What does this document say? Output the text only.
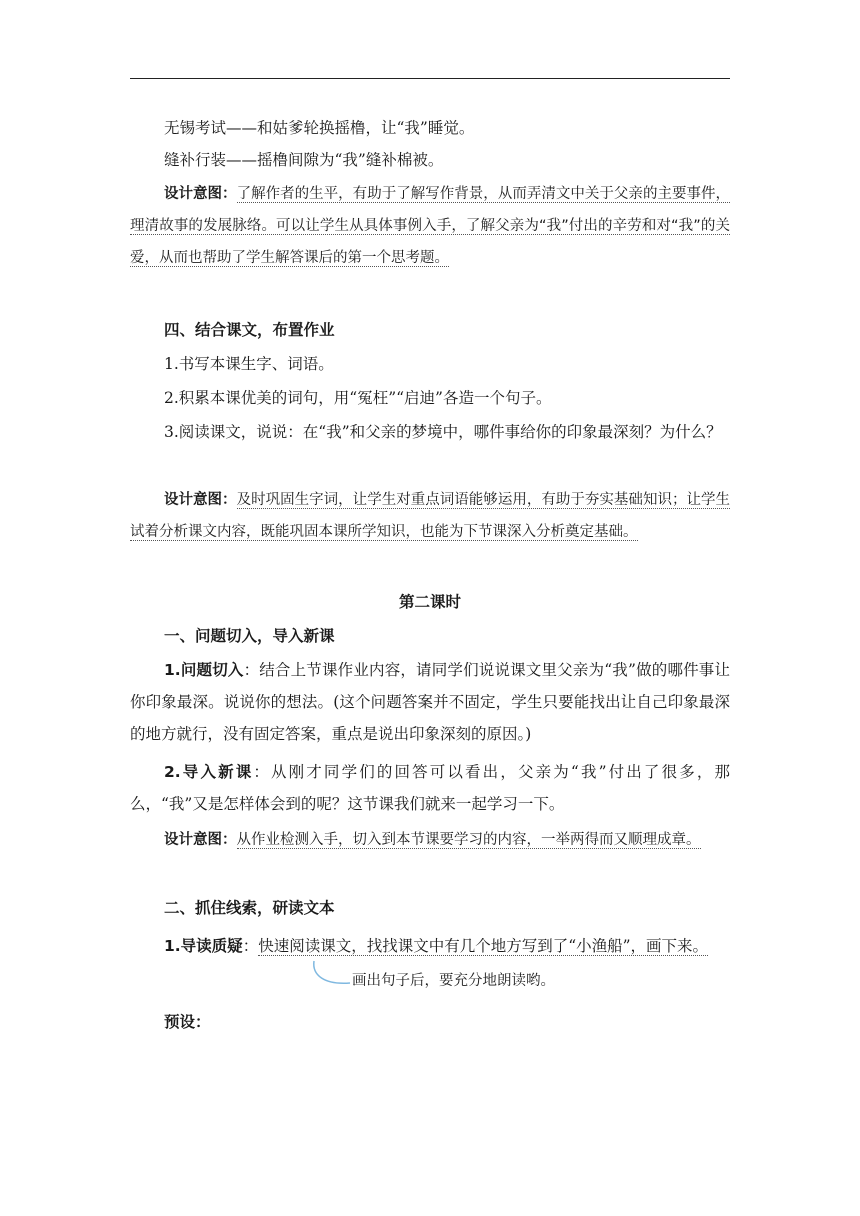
无锡考试——和姑爹轮换摇橹，让“我”睡觉。
缝补行装——摇橹间隙为“我”缝补棉被。
设计意图：了解作者的生平，有助于了解写作背景，从而弄清文中关于父亲的主要事件，理清故事的发展脉络。可以让学生从具体事例入手，了解父亲为“我”付出的辛劳和对“我”的关爱，从而也帮助了学生解答课后的第一个思考题。
四、结合课文，布置作业
1.书写本课生字、词语。
2.积累本课优美的词句，用“冤枉”“启迪”各造一个句子。
3.阅读课文，说说：在“我”和父亲的梦境中，哪件事给你的印象最深刻？为什么？
设计意图：及时巩固生字词，让学生对重点词语能够运用，有助于夯实基础知识；让学生试着分析课文内容，既能巩固本课所学知识，也能为下节课深入分析奠定基础。
第二课时
一、问题切入，导入新课
1.问题切入：结合上节课作业内容，请同学们说说课文里父亲为“我”做的哪件事让你印象最深。说说你的想法。(这个问题答案并不固定，学生只要能找出让自己印象最深的地方就行，没有固定答案，重点是说出印象深刻的原因。)
2.导入新课：从刚才同学们的回答可以看出，父亲为“我”付出了很多，那么，“我”又是怎样体会到的呢？这节课我们就来一起学习一下。
设计意图：从作业检测入手，切入到本节课要学习的内容，一举两得而又顺理成章。
二、抓住线索，研读文本
1.导读质疑：快速阅读课文，找找课文中有几个地方写到了“小渔船”，画下来。
画出句子后，要充分地朗读哟。
预设：
